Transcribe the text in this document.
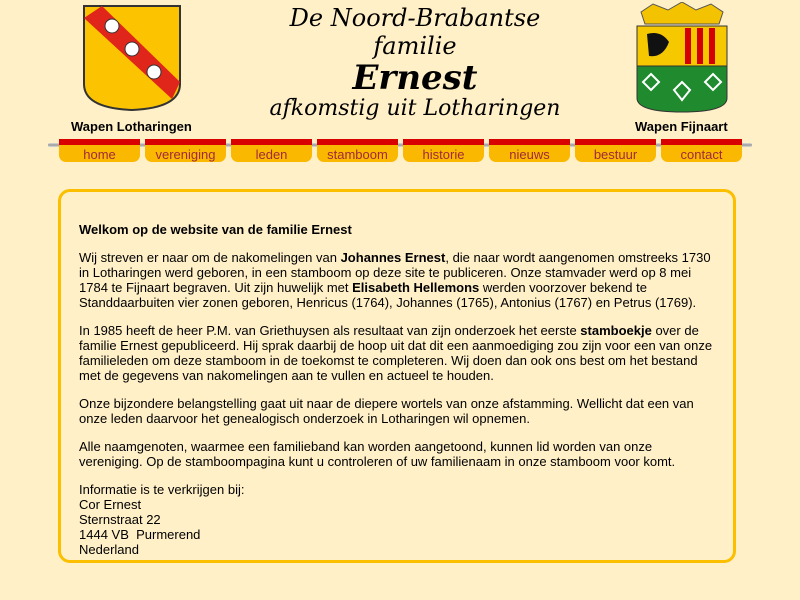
Wapen Lotharingen
De Noord-Brabantse familie
Ernest
afkomstig uit Lotharingen
Wapen Fijnaart
home	vereniging	leden	stamboom	historie	nieuws	bestuur	contact

Welkom op de website van de familie Ernest

Wij streven er naar om de nakomelingen van Johannes Ernest, die naar wordt aangenomen omstreeks 1730 in Lotharingen werd geboren, in een stamboom op deze site te publiceren. Onze stamvader werd op 8 mei 1784 te Fijnaart begraven. Uit zijn huwelijk met Elisabeth Hellemons werden voorzover bekend te Standdaarbuiten vier zonen geboren, Henricus (1764), Johannes (1765), Antonius (1767) en Petrus (1769).

In 1985 heeft de heer P.M. van Griethuysen als resultaat van zijn onderzoek het eerste stamboekje over de familie Ernest gepubliceerd. Hij sprak daarbij de hoop uit dat dit een aanmoediging zou zijn voor een van onze familieleden om deze stamboom in de toekomst te completeren. Wij doen dan ook ons best om het bestand met de gegevens van nakomelingen aan te vullen en actueel te houden.

Onze bijzondere belangstelling gaat uit naar de diepere wortels van onze afstamming. Wellicht dat een van onze leden daarvoor het genealogisch onderzoek in Lotharingen wil opnemen.

Alle naamgenoten, waarmee een familieband kan worden aangetoond, kunnen lid worden van onze vereniging. Op de stamboompagina kunt u controleren of uw familienaam in onze stamboom voor komt.

Informatie is te verkrijgen bij:
Cor Ernest
Sternstraat 22
1444 VB  Purmerend
Nederland
